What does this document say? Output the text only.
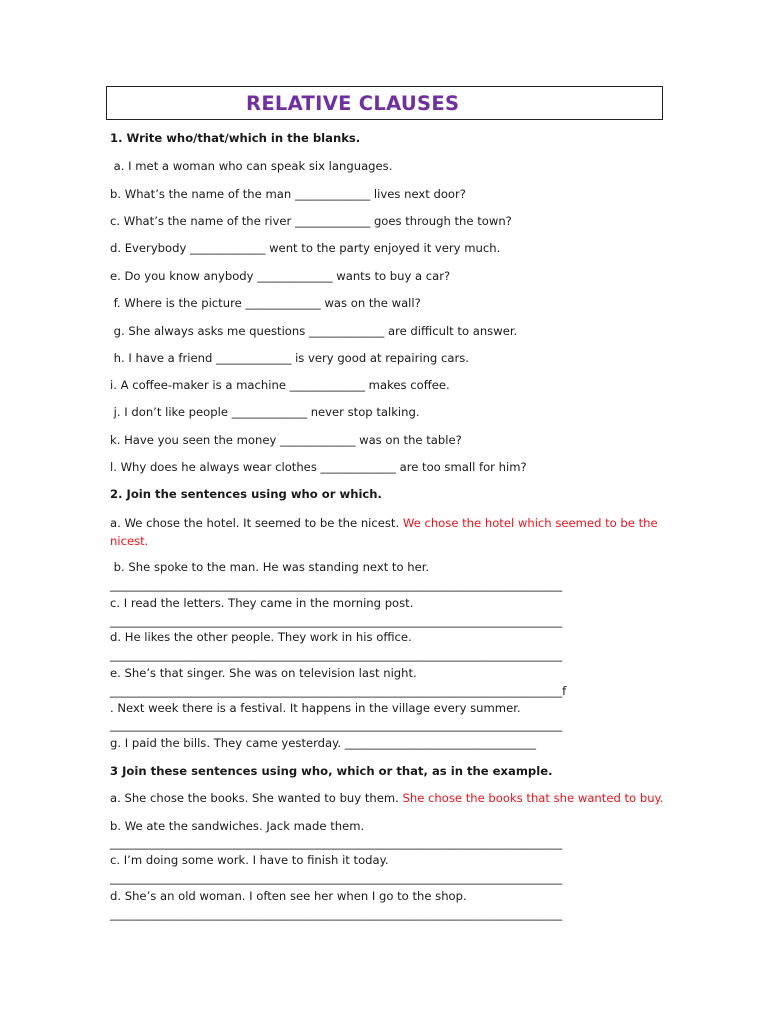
RELATIVE CLAUSES
1. Write who/that/which in the blanks.
a. I met a woman who can speak six languages.
b. What’s the name of the man _____________ lives next door?
c. What’s the name of the river _____________ goes through the town?
d. Everybody _____________ went to the party enjoyed it very much.
e. Do you know anybody _____________ wants to buy a car?
f. Where is the picture _____________ was on the wall?
g. She always asks me questions _____________ are difficult to answer.
h. I have a friend _____________ is very good at repairing cars.
i. A coffee-maker is a machine _____________ makes coffee.
j. I don’t like people _____________ never stop talking.
k. Have you seen the money _____________ was on the table?
l. Why does he always wear clothes _____________ are too small for him?
2. Join the sentences using who or which.
a. We chose the hotel. It seemed to be the nicest. We chose the hotel which seemed to be the nicest.
b. She spoke to the man. He was standing next to her.
______________________________________________________________________________
c. I read the letters. They came in the morning post.
______________________________________________________________________________
d. He likes the other people. They work in his office.
______________________________________________________________________________
e. She’s that singer. She was on television last night.
______________________________________________________________________________f
. Next week there is a festival. It happens in the village every summer.
______________________________________________________________________________
g. I paid the bills. They came yesterday. _________________________________
3 Join these sentences using who, which or that, as in the example.
a. She chose the books. She wanted to buy them. She chose the books that she wanted to buy.
b. We ate the sandwiches. Jack made them.
______________________________________________________________________________
c. I’m doing some work. I have to finish it today.
______________________________________________________________________________
d. She’s an old woman. I often see her when I go to the shop.
______________________________________________________________________________
